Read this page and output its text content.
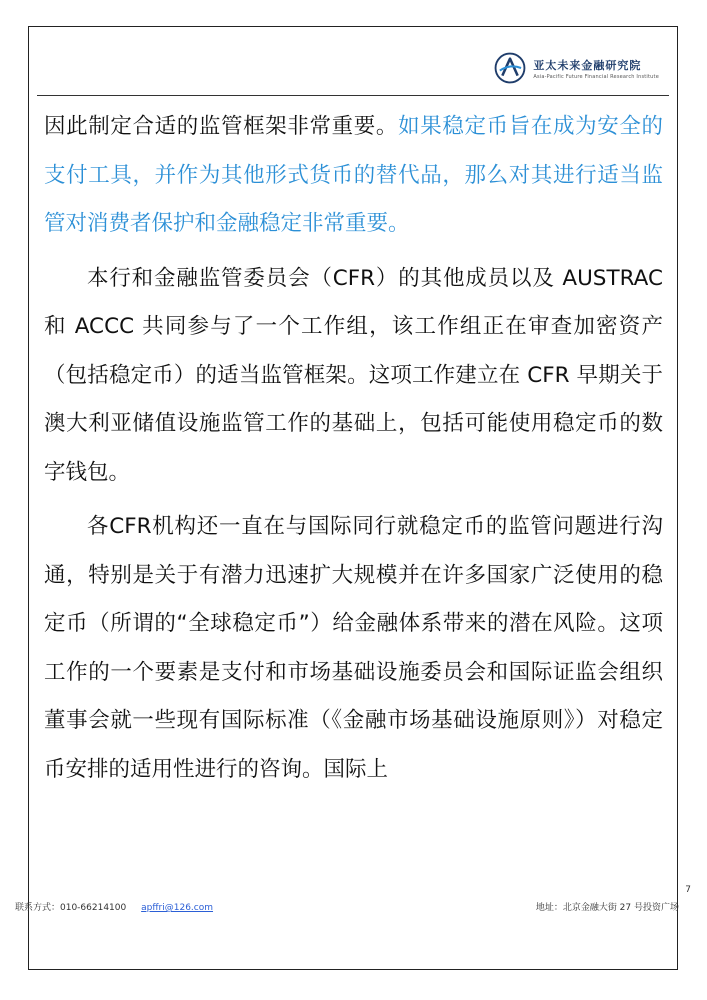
亚太未来金融研究院
Asia-Pacific Future Financial Research Institute

因此制定合适的监管框架非常重要。如果稳定币旨在成为安全的支付工具，并作为其他形式货币的替代品，那么对其进行适当监管对消费者保护和金融稳定非常重要。

本行和金融监管委员会（CFR）的其他成员以及 AUSTRAC 和 ACCC 共同参与了一个工作组，该工作组正在审查加密资产（包括稳定币）的适当监管框架。这项工作建立在 CFR 早期关于澳大利亚储值设施监管工作的基础上，包括可能使用稳定币的数字钱包。

各CFR机构还一直在与国际同行就稳定币的监管问题进行沟通，特别是关于有潜力迅速扩大规模并在许多国家广泛使用的稳定币（所谓的“全球稳定币”）给金融体系带来的潜在风险。这项工作的一个要素是支付和市场基础设施委员会和国际证监会组织董事会就一些现有国际标准（《金融市场基础设施原则》）对稳定币安排的适用性进行的咨询。国际上

7
联系方式：010-66214100 apffri@126.com	地址：北京金融大街 27 号投资广场
